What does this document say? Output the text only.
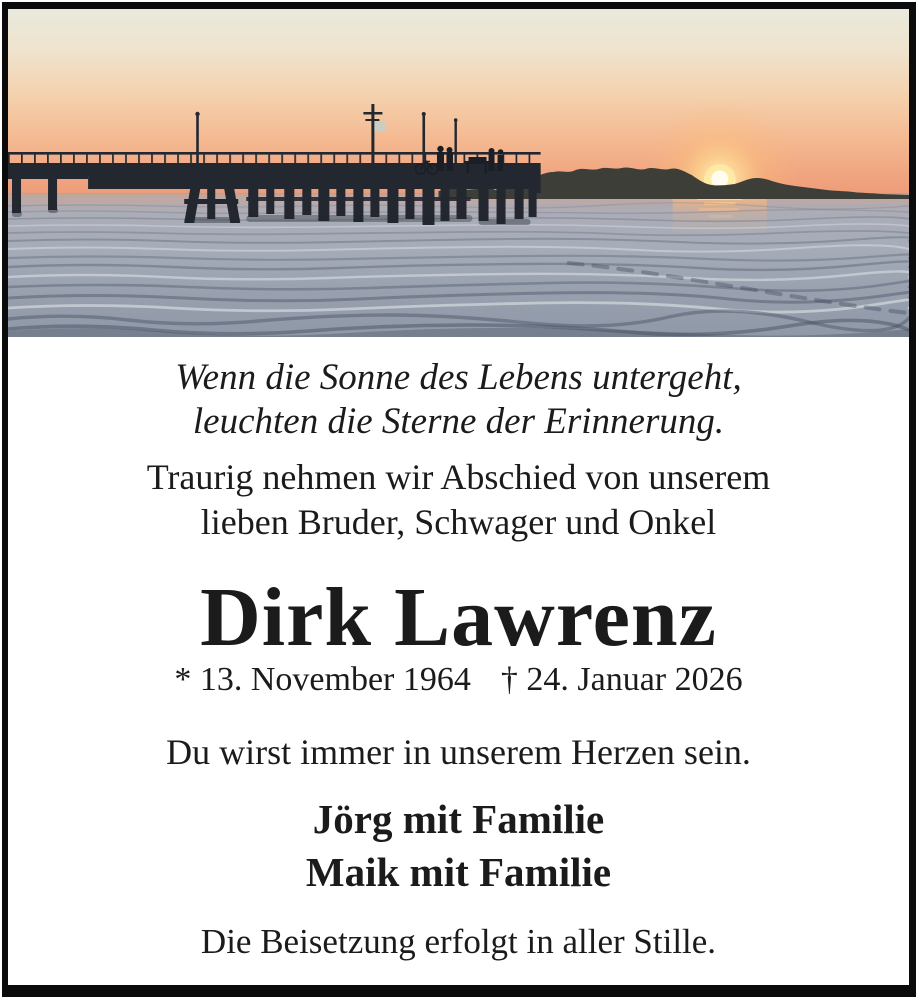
Wenn die Sonne des Lebens untergeht,
leuchten die Sterne der Erinnerung.
Traurig nehmen wir Abschied von unserem
lieben Bruder, Schwager und Onkel
Dirk Lawrenz
* 13. November 1964 † 24. Januar 2026
Du wirst immer in unserem Herzen sein.
Jörg mit Familie
Maik mit Familie
Die Beisetzung erfolgt in aller Stille.
